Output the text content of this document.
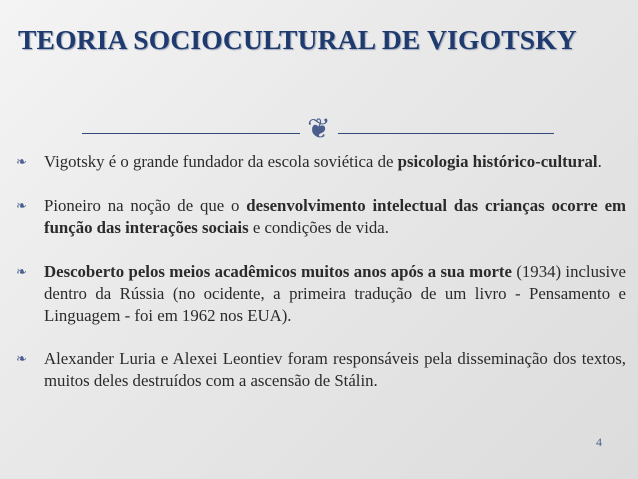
TEORIA SOCIOCULTURAL DE VIGOTSKY
❦
❧	Vigotsky é o grande fundador da escola soviética de psicologia histórico-cultural.
❧	Pioneiro na noção de que o desenvolvimento intelectual das crianças ocorre em função das interações sociais e condições de vida.
❧	Descoberto pelos meios acadêmicos muitos anos após a sua morte (1934) inclusive dentro da Rússia (no ocidente, a primeira tradução de um livro - Pensamento e Linguagem - foi em 1962 nos EUA).
❧	Alexander Luria e Alexei Leontiev foram responsáveis pela disseminação dos textos, muitos deles destruídos com a ascensão de Stálin.
4
